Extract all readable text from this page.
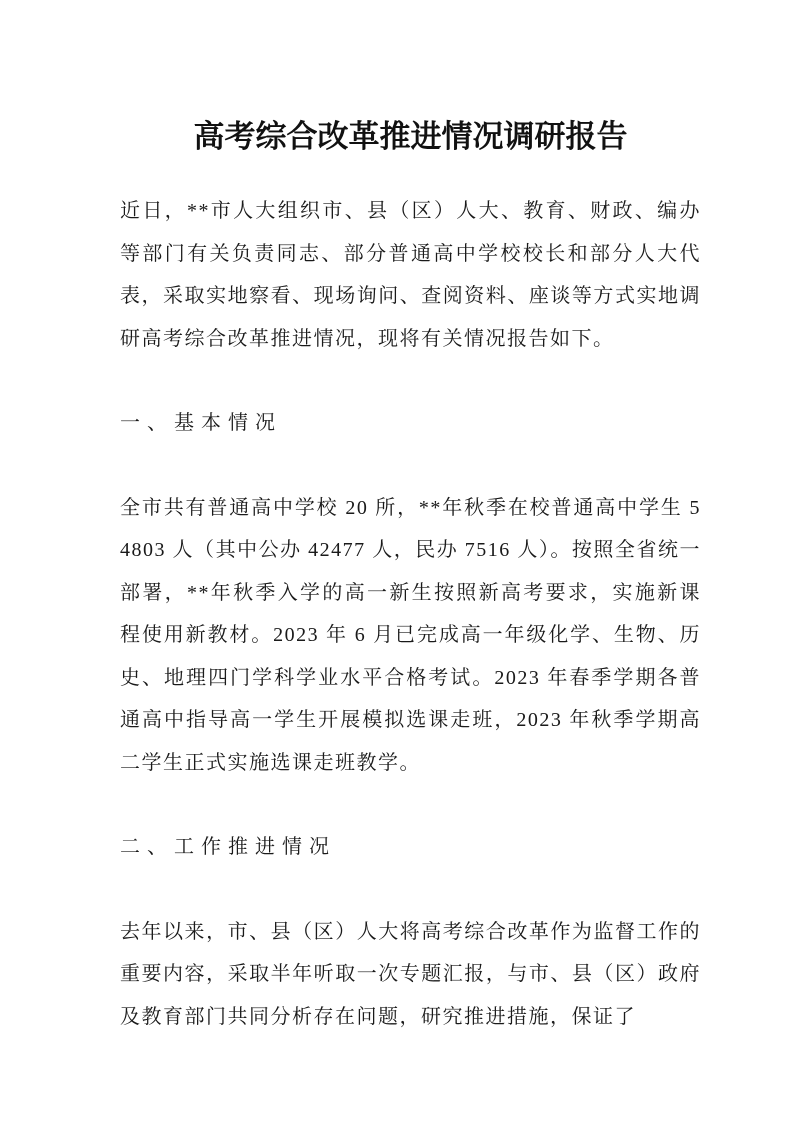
高考综合改革推进情况调研报告

近日，**市人大组织市、县（区）人大、教育、财政、编办等部门有关负责同志、部分普通高中学校校长和部分人大代表，采取实地察看、现场询问、查阅资料、座谈等方式实地调研高考综合改革推进情况，现将有关情况报告如下。

一、基本情况

全市共有普通高中学校 20 所，**年秋季在校普通高中学生 54803 人（其中公办 42477 人，民办 7516 人）。按照全省统一部署，**年秋季入学的高一新生按照新高考要求，实施新课程使用新教材。2023 年 6 月已完成高一年级化学、生物、历史、地理四门学科学业水平合格考试。2023 年春季学期各普通高中指导高一学生开展模拟选课走班，2023 年秋季学期高二学生正式实施选课走班教学。

二、工作推进情况

去年以来，市、县（区）人大将高考综合改革作为监督工作的重要内容，采取半年听取一次专题汇报，与市、县（区）政府及教育部门共同分析存在问题，研究推进措施，保证了
